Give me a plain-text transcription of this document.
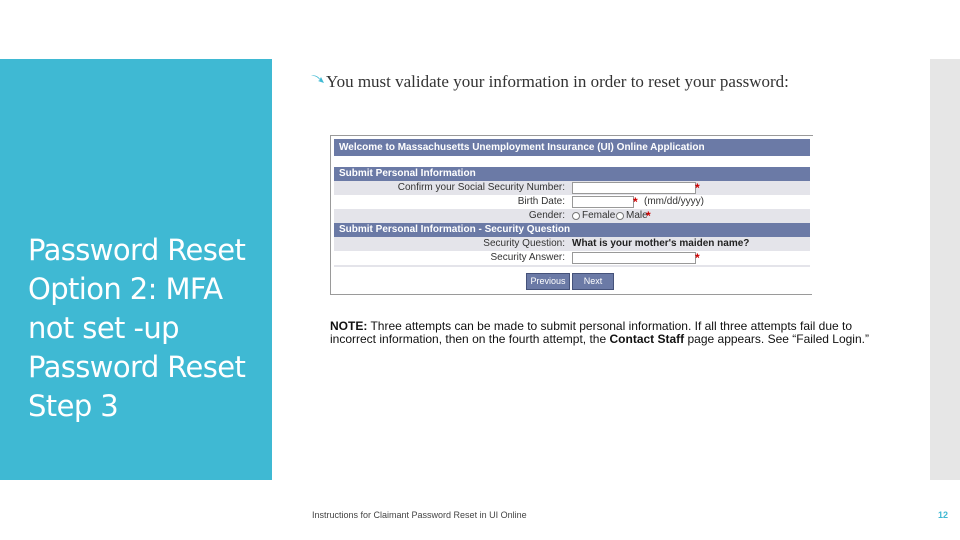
Password Reset Option 2: MFA not set -up Password Reset Step 3

You must validate your information in order to reset your password:

Welcome to Massachusetts Unemployment Insurance (UI) Online Application
Submit Personal Information
Confirm your Social Security Number:	*
Birth Date:	* (mm/dd/yyyy)
Gender: Female Male
*
Submit Personal Information - Security Question
Security Question: What is your mother's maiden name?
Security Answer:	*
Previous	Next

NOTE: Three attempts can be made to submit personal information. If all three attempts fail due to incorrect information, then on the fourth attempt, the Contact Staff page appears. See “Failed Login.”

Instructions for Claimant Password Reset in UI Online	12
